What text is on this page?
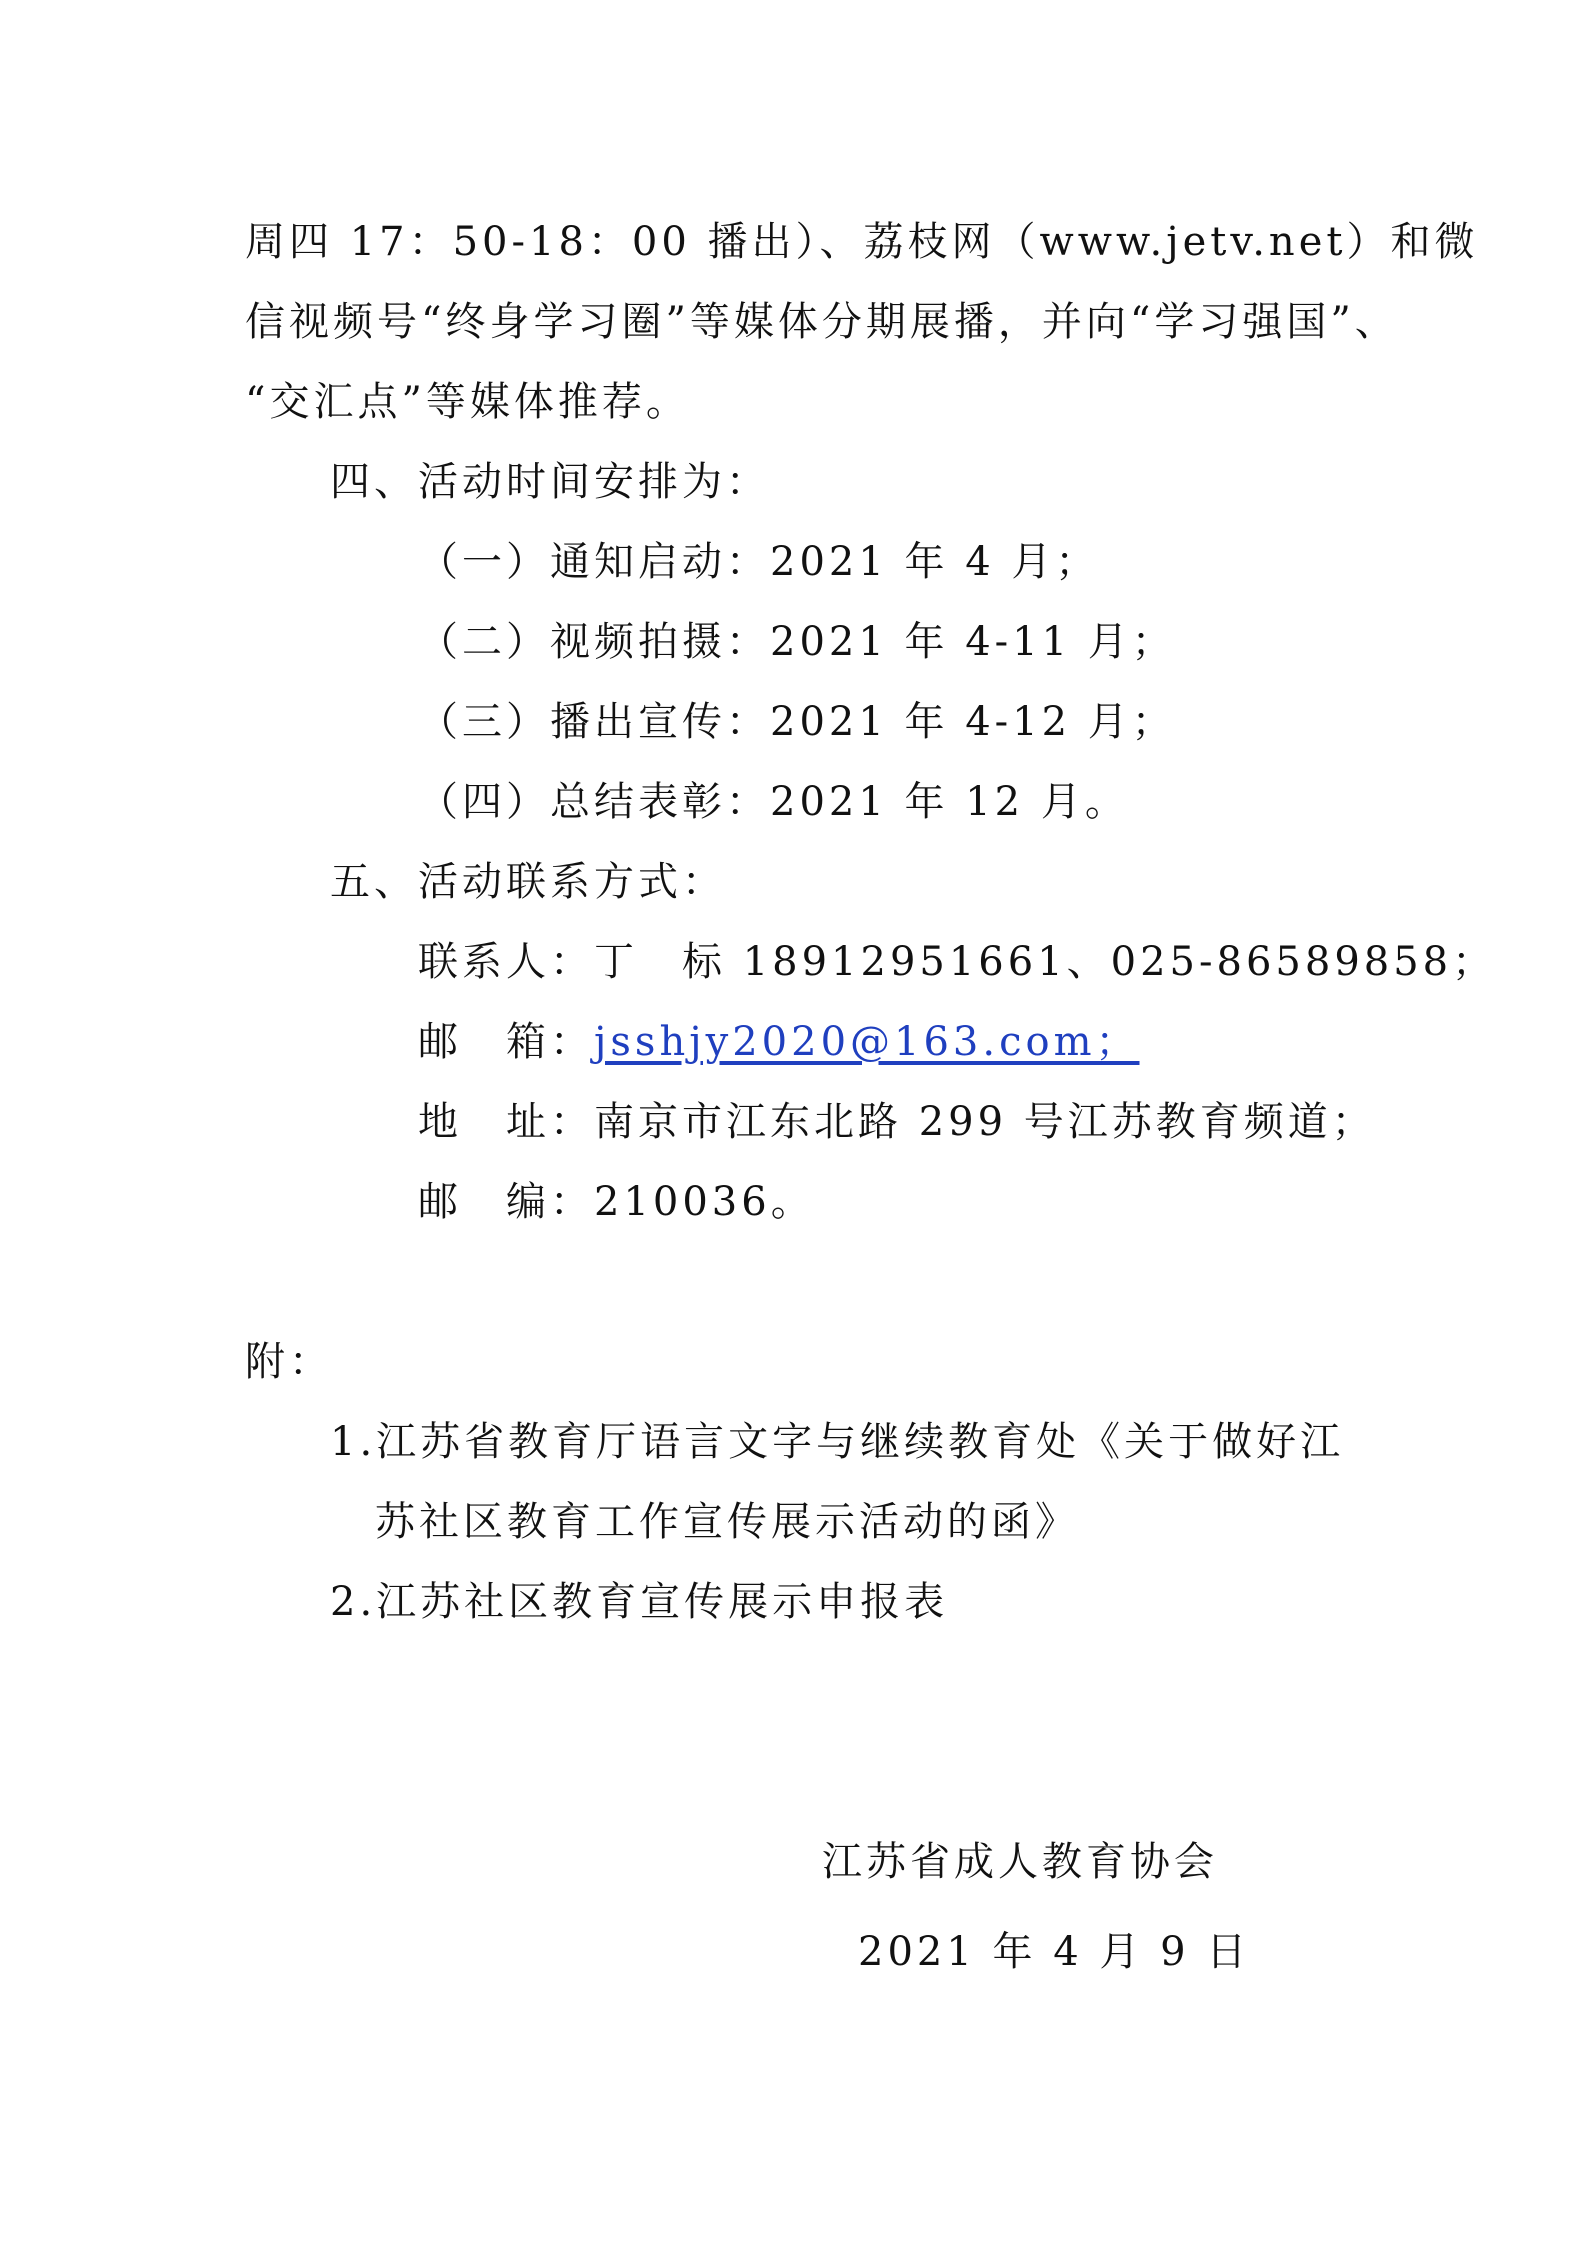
周四 17：50-18：00 播出）、荔枝网（www.jetv.net）和微
信视频号“终身学习圈”等媒体分期展播，并向“学习强国”、
“交汇点”等媒体推荐。
四、活动时间安排为：
（一）通知启动：2021 年 4 月；
（二）视频拍摄：2021 年 4-11 月；
（三）播出宣传：2021 年 4-12 月；
（四）总结表彰：2021 年 12 月。
五、活动联系方式：
联系人：丁　标 18912951661、025-86589858；
邮　箱：jsshjy2020@163.com；
地　址：南京市江东北路 299 号江苏教育频道；
邮　编：210036。
附：
1.江苏省教育厅语言文字与继续教育处《关于做好江
苏社区教育工作宣传展示活动的函》
2.江苏社区教育宣传展示申报表
江苏省成人教育协会
2021 年 4 月 9 日
